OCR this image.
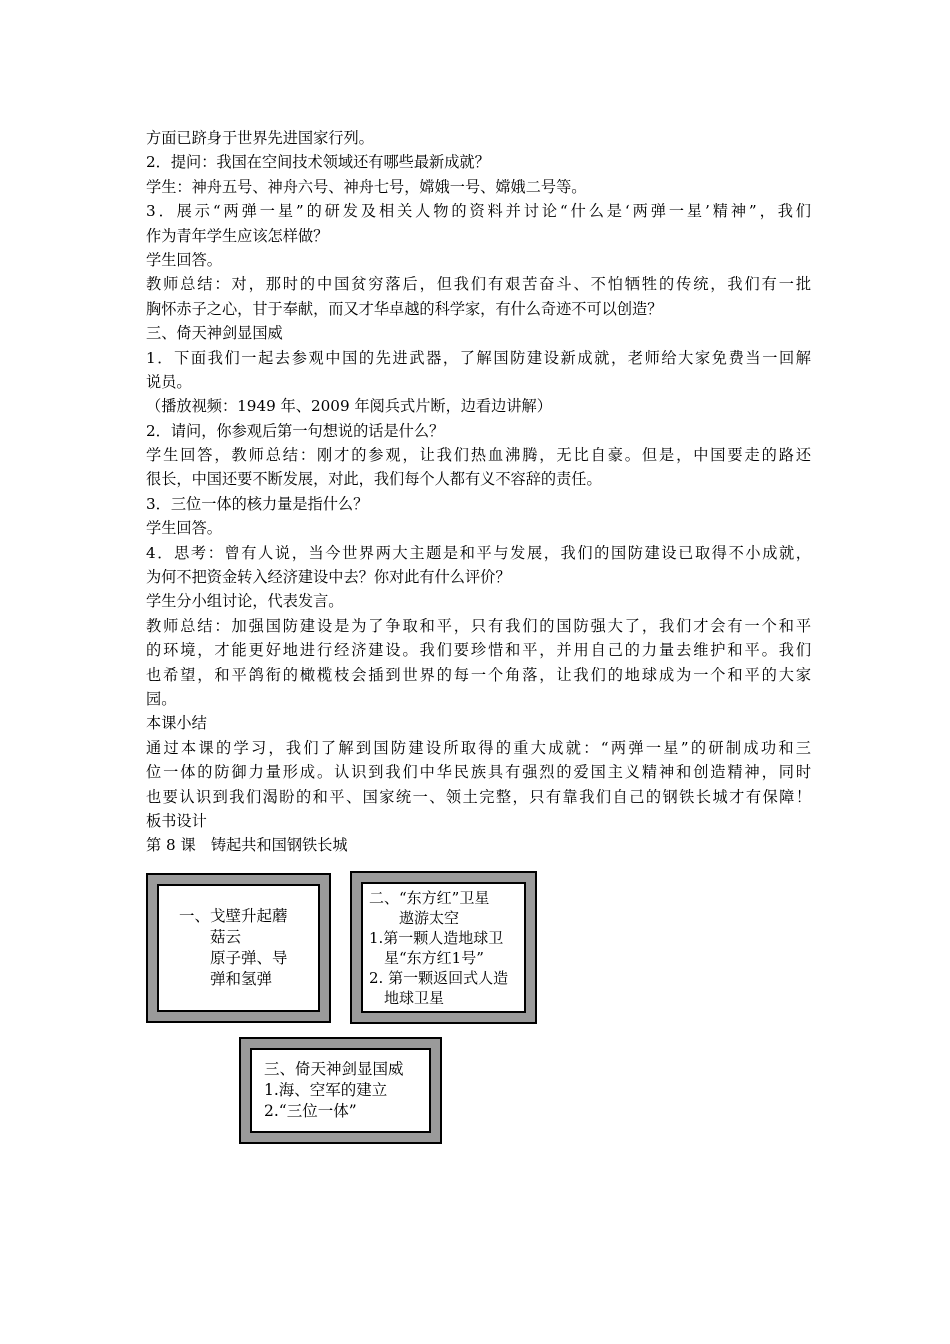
方面已跻身于世界先进国家行列。
2．提问：我国在空间技术领域还有哪些最新成就？
学生：神舟五号、神舟六号、神舟七号，嫦娥一号、嫦娥二号等。
3．展示“两弹一星”的研发及相关人物的资料并讨论“什么是‘两弹一星’精神”，我们
作为青年学生应该怎样做？
学生回答。
教师总结：对，那时的中国贫穷落后，但我们有艰苦奋斗、不怕牺牲的传统，我们有一批
胸怀赤子之心，甘于奉献，而又才华卓越的科学家，有什么奇迹不可以创造？
三、倚天神剑显国威
1．下面我们一起去参观中国的先进武器，了解国防建设新成就，老师给大家免费当一回解
说员。
（播放视频：1949 年、2009 年阅兵式片断，边看边讲解）
2．请问，你参观后第一句想说的话是什么？
学生回答，教师总结：刚才的参观，让我们热血沸腾，无比自豪。但是，中国要走的路还
很长，中国还要不断发展，对此，我们每个人都有义不容辞的责任。
3．三位一体的核力量是指什么？
学生回答。
4．思考：曾有人说，当今世界两大主题是和平与发展，我们的国防建设已取得不小成就，
为何不把资金转入经济建设中去？你对此有什么评价？
学生分小组讨论，代表发言。
教师总结：加强国防建设是为了争取和平，只有我们的国防强大了，我们才会有一个和平
的环境，才能更好地进行经济建设。我们要珍惜和平，并用自己的力量去维护和平。我们
也希望，和平鸽衔的橄榄枝会插到世界的每一个角落，让我们的地球成为一个和平的大家
园。
本课小结
通过本课的学习，我们了解到国防建设所取得的重大成就：“两弹一星”的研制成功和三
位一体的防御力量形成。认识到我们中华民族具有强烈的爱国主义精神和创造精神，同时
也要认识到我们渴盼的和平、国家统一、领土完整，只有靠我们自己的钢铁长城才有保障！
板书设计
第 8 课　铸起共和国钢铁长城
一、戈壁升起蘑
　　菇云
　　原子弹、导
　　弹和氢弹
二、“东方红”卫星
　　遨游太空
1.第一颗人造地球卫
　星“东方红1号”
2. 第一颗返回式人造
　地球卫星
三、倚天神剑显国威
1.海、空军的建立
2.“三位一体”
